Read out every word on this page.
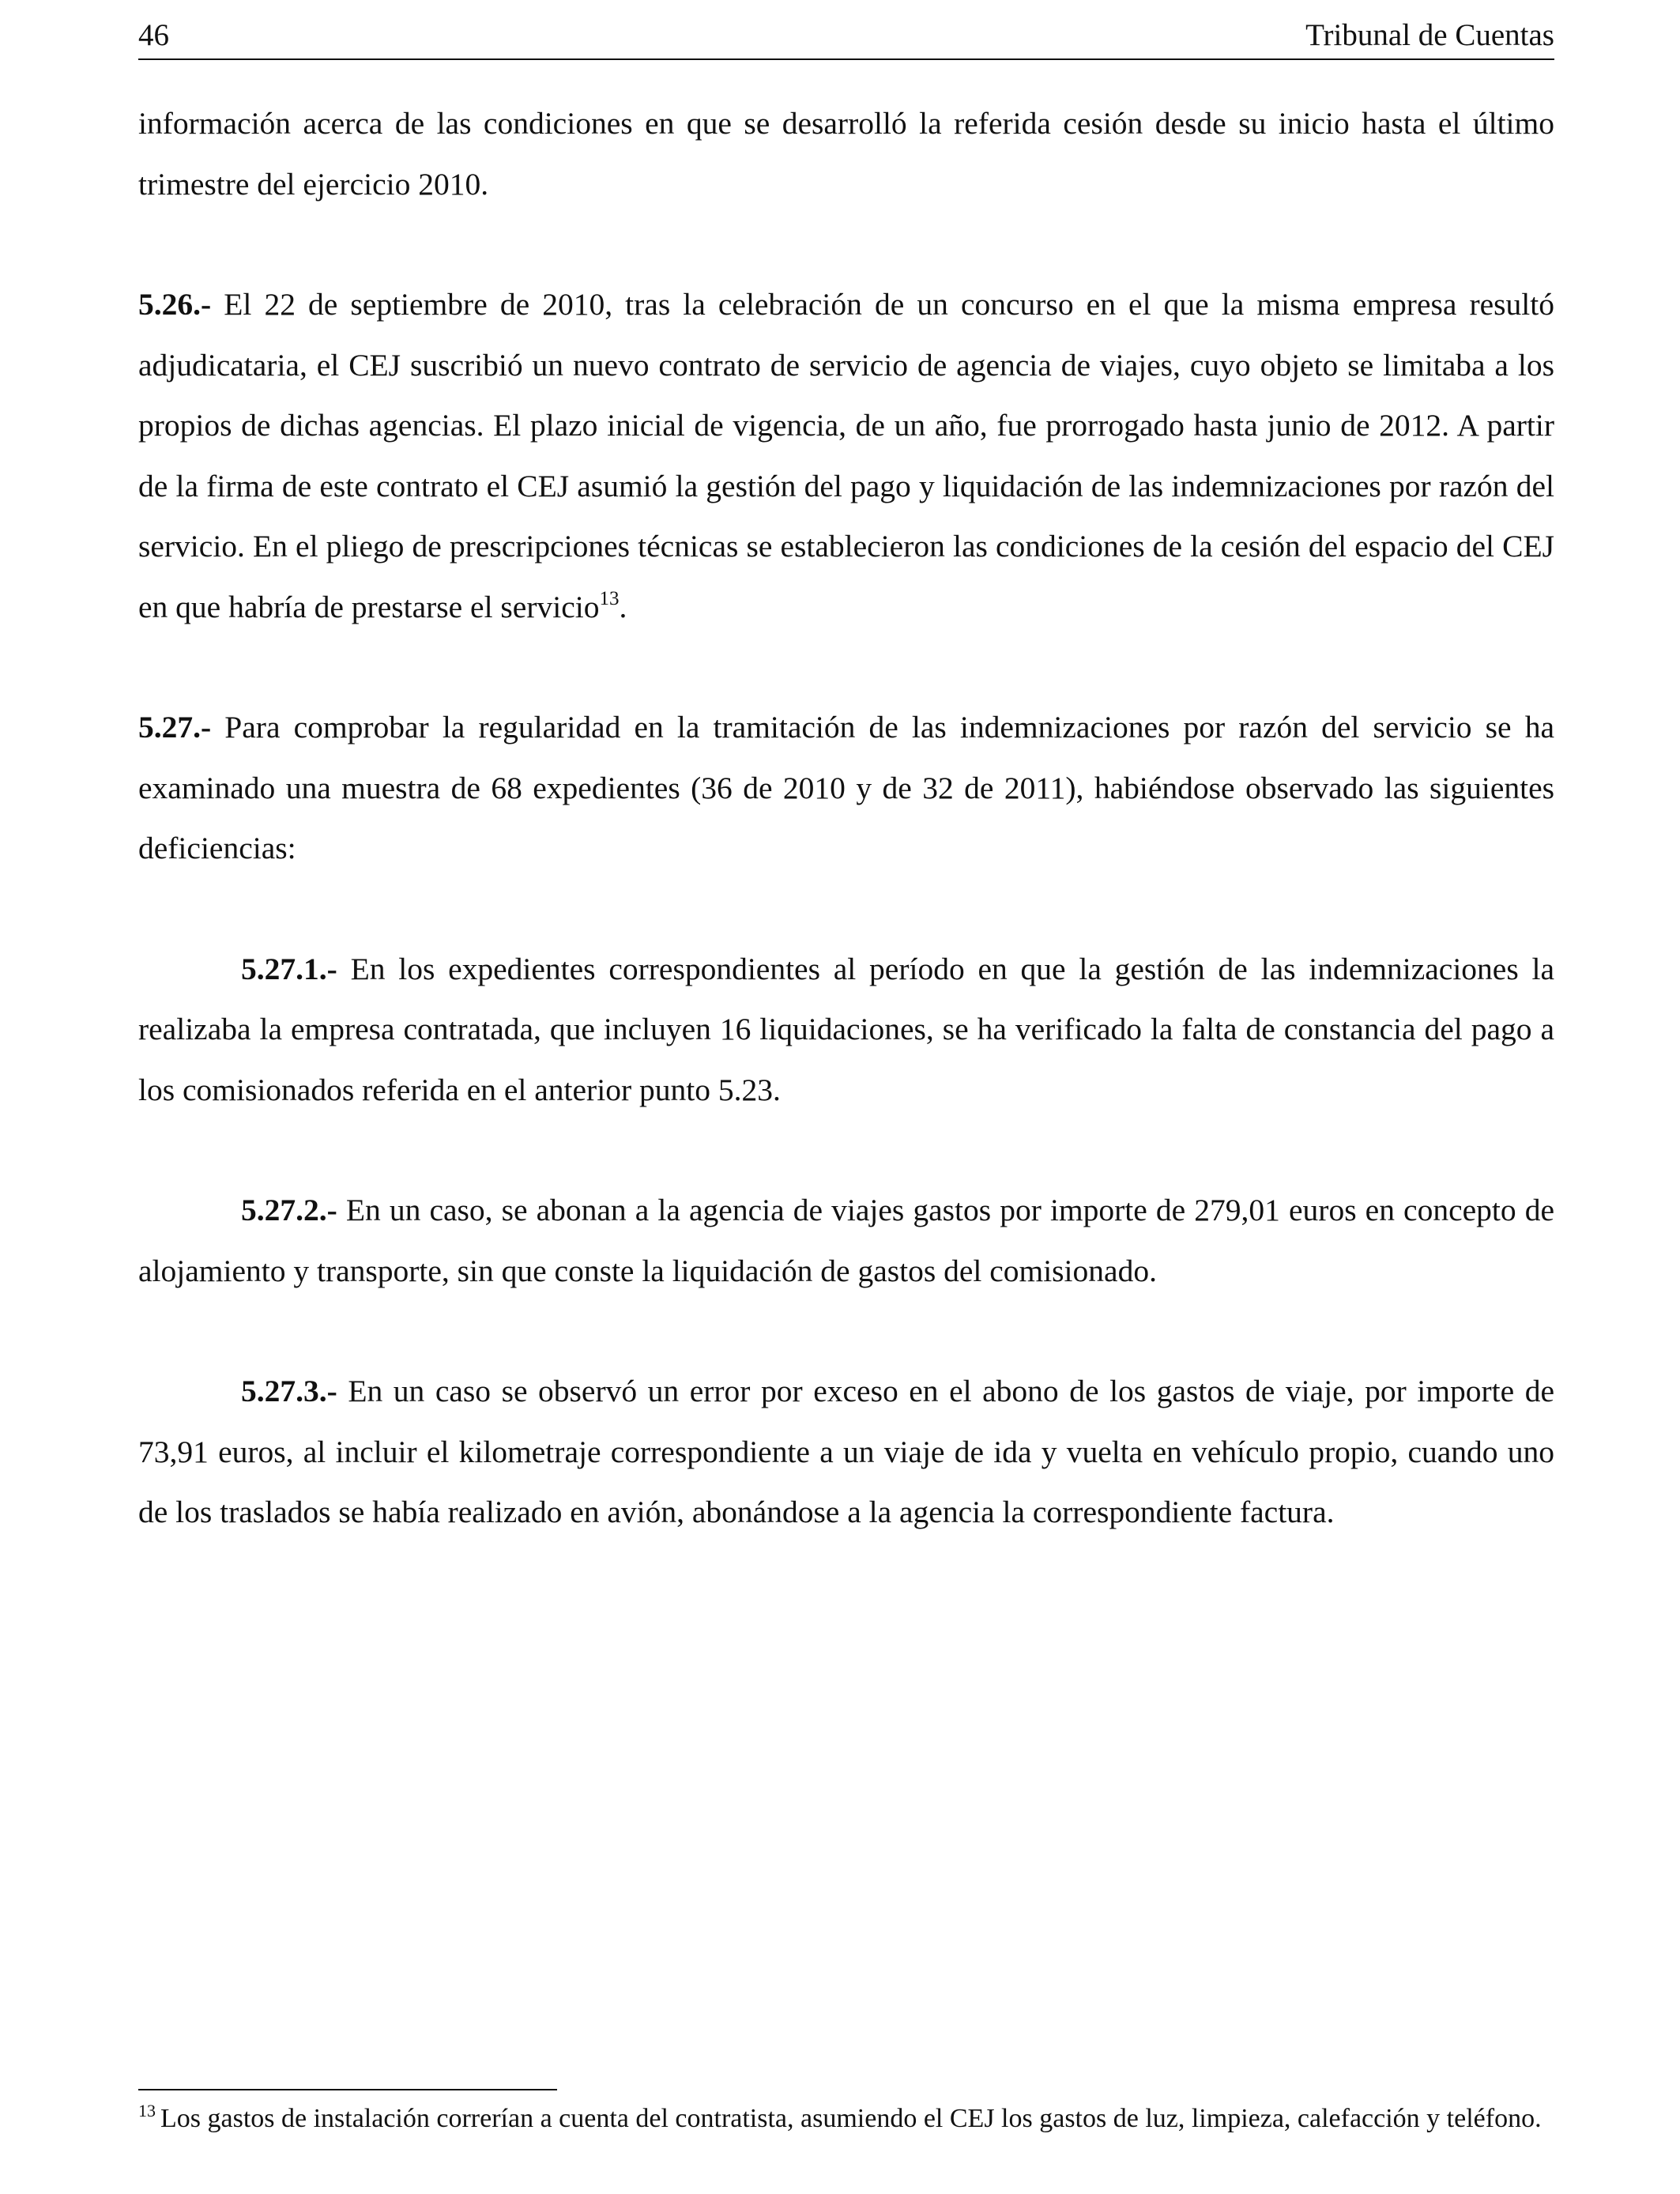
46	Tribunal de Cuentas

información acerca de las condiciones en que se desarrolló la referida cesión desde su inicio hasta el último trimestre del ejercicio 2010.

5.26.- El 22 de septiembre de 2010, tras la celebración de un concurso en el que la misma empresa resultó adjudicataria, el CEJ suscribió un nuevo contrato de servicio de agencia de viajes, cuyo objeto se limitaba a los propios de dichas agencias. El plazo inicial de vigencia, de un año, fue prorrogado hasta junio de 2012. A partir de la firma de este contrato el CEJ asumió la gestión del pago y liquidación de las indemnizaciones por razón del servicio. En el pliego de prescripciones técnicas se establecieron las condiciones de la cesión del espacio del CEJ en que habría de prestarse el servicio$^{13}$.

5.27.- Para comprobar la regularidad en la tramitación de las indemnizaciones por razón del servicio se ha examinado una muestra de 68 expedientes (36 de 2010 y de 32 de 2011), habiéndose observado las siguientes deficiencias:

5.27.1.- En los expedientes correspondientes al período en que la gestión de las indemnizaciones la realizaba la empresa contratada, que incluyen 16 liquidaciones, se ha verificado la falta de constancia del pago a los comisionados referida en el anterior punto 5.23.

5.27.2.- En un caso, se abonan a la agencia de viajes gastos por importe de 279,01 euros en concepto de alojamiento y transporte, sin que conste la liquidación de gastos del comisionado.

5.27.3.- En un caso se observó un error por exceso en el abono de los gastos de viaje, por importe de 73,91 euros, al incluir el kilometraje correspondiente a un viaje de ida y vuelta en vehículo propio, cuando uno de los traslados se había realizado en avión, abonándose a la agencia la correspondiente factura.

$^{13}$ Los gastos de instalación correrían a cuenta del contratista, asumiendo el CEJ los gastos de luz, limpieza, calefacción y teléfono.
